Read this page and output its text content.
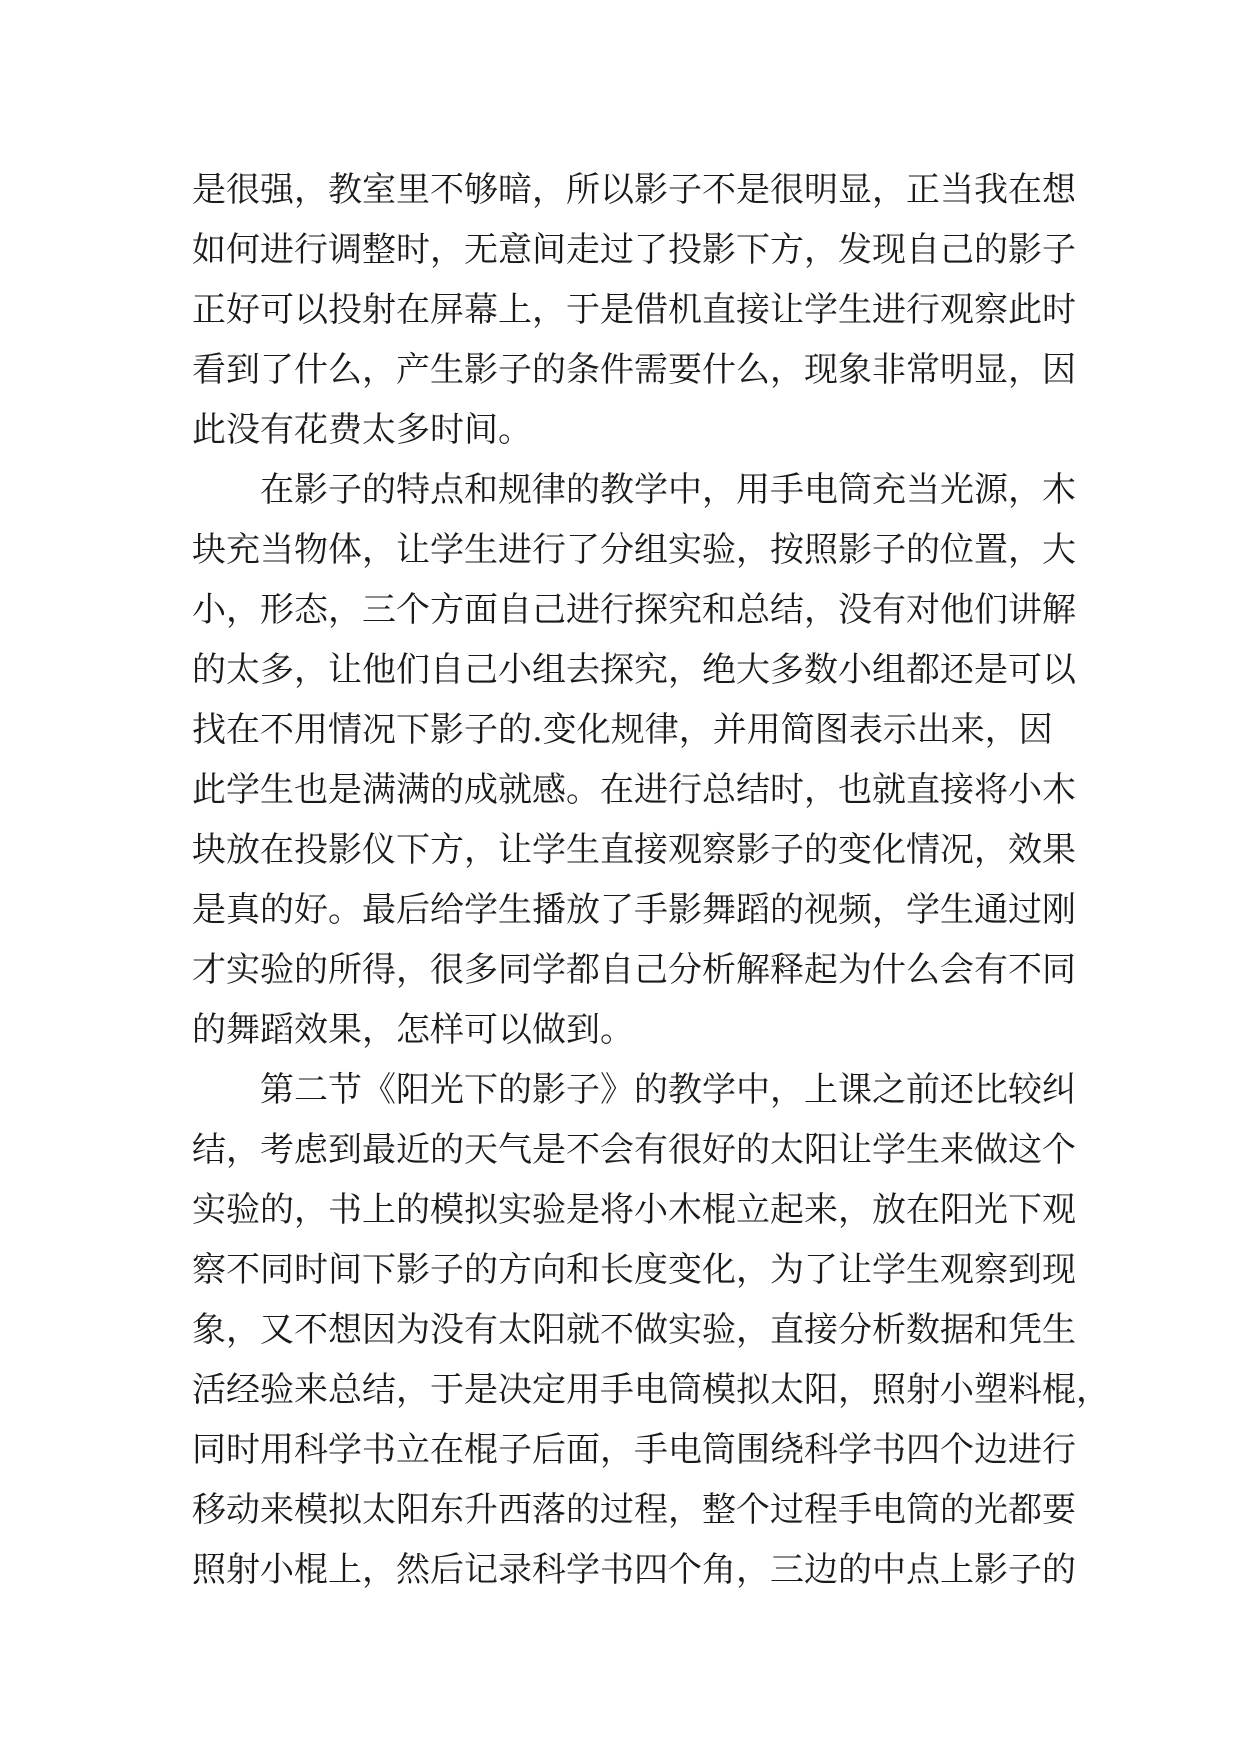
是很强，教室里不够暗，所以影子不是很明显，正当我在想
如何进行调整时，无意间走过了投影下方，发现自己的影子
正好可以投射在屏幕上，于是借机直接让学生进行观察此时
看到了什么，产生影子的条件需要什么，现象非常明显，因
此没有花费太多时间。
在影子的特点和规律的教学中，用手电筒充当光源，木
块充当物体，让学生进行了分组实验，按照影子的位置，大
小，形态，三个方面自己进行探究和总结，没有对他们讲解
的太多，让他们自己小组去探究，绝大多数小组都还是可以
找在不用情况下影子的.变化规律，并用简图表示出来，因
此学生也是满满的成就感。在进行总结时，也就直接将小木
块放在投影仪下方，让学生直接观察影子的变化情况，效果
是真的好。最后给学生播放了手影舞蹈的视频，学生通过刚
才实验的所得，很多同学都自己分析解释起为什么会有不同
的舞蹈效果，怎样可以做到。
第二节《阳光下的影子》的教学中，上课之前还比较纠
结，考虑到最近的天气是不会有很好的太阳让学生来做这个
实验的，书上的模拟实验是将小木棍立起来，放在阳光下观
察不同时间下影子的方向和长度变化，为了让学生观察到现
象，又不想因为没有太阳就不做实验，直接分析数据和凭生
活经验来总结，于是决定用手电筒模拟太阳，照射小塑料棍，
同时用科学书立在棍子后面，手电筒围绕科学书四个边进行
移动来模拟太阳东升西落的过程，整个过程手电筒的光都要
照射小棍上，然后记录科学书四个角，三边的中点上影子的
